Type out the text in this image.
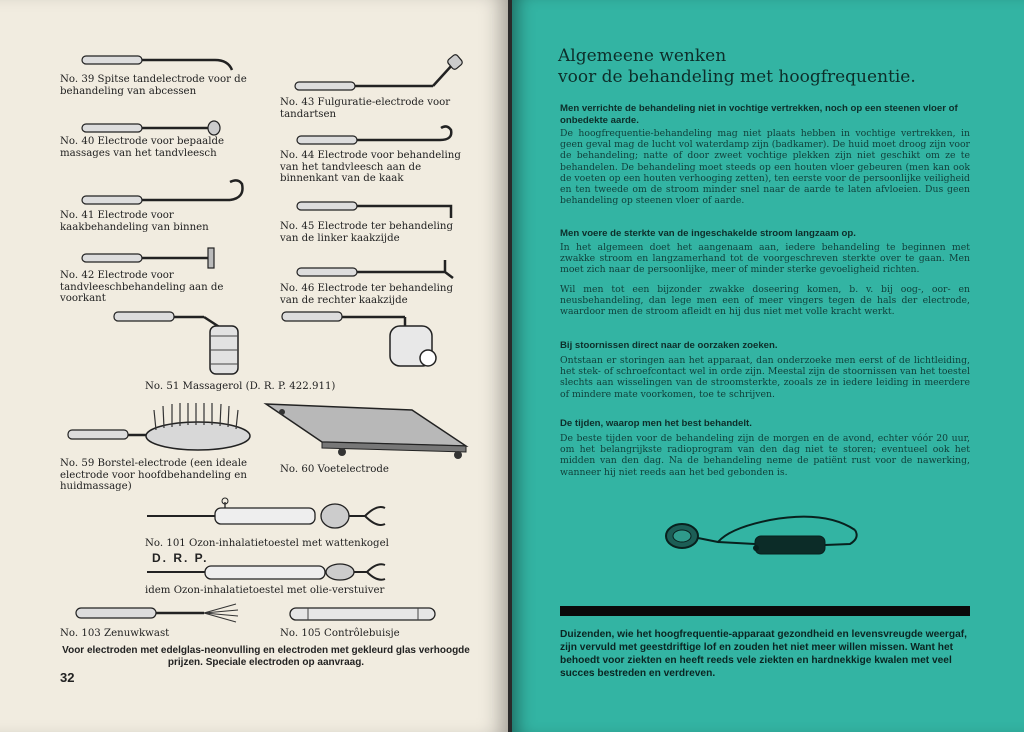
No. 39 Spitse tandelectrode voor de behandeling van abcessen
No. 40 Electrode voor bepaalde massages van het tandvleesch
No. 41 Electrode voor kaakbehandeling van binnen
No. 42 Electrode voor tandvleeschbehandeling aan de voorkant
No. 43 Fulguratie-electrode voor tandartsen
No. 44 Electrode voor behandeling van het tandvleesch aan de binnenkant van de kaak
No. 45 Electrode ter behandeling van de linker kaakzijde
No. 46 Electrode ter behandeling van de rechter kaakzijde
No. 51 Massagerol (D. R. P. 422.911)
No. 59 Borstel-electrode (een ideale electrode voor hoofdbehandeling en huidmassage)
No. 60 Voetelectrode
No. 101 Ozon-inhalatietoestel met wattenkogel
D. R. P.
idem Ozon-inhalatietoestel met olie-verstuiver
No. 103 Zenuwkwast	No. 105 Contrôlebuisje
Voor electroden met edelglas-neonvulling en electroden met gekleurd glas verhoogde prijzen. Speciale electroden op aanvraag.
32
Algemeene wenken
voor de behandeling met hoogfrequentie.
Men verrichte de behandeling niet in vochtige vertrekken, noch op een steenen vloer of onbedekte aarde.
De hoogfrequentie-behandeling mag niet plaats hebben in vochtige vertrekken, in geen geval mag de lucht vol waterdamp zijn (badkamer). De huid moet droog zijn voor de behandeling; natte of door zweet vochtige plekken zijn niet geschikt om ze te behandelen. De behandeling moet steeds op een houten vloer gebeuren (men kan ook de voeten op een houten verhooging zetten), ten eerste voor de persoonlijke veiligheid en ten tweede om de stroom minder snel naar de aarde te laten afvloeien. Dus geen behandeling op steenen vloer of aarde.
Men voere de sterkte van de ingeschakelde stroom langzaam op.
In het algemeen doet het aangenaam aan, iedere behandeling te beginnen met zwakke stroom en langzamerhand tot de voorgeschreven sterkte over te gaan. Men moet zich naar de persoonlijke, meer of minder sterke gevoeligheid richten.
Wil men tot een bijzonder zwakke doseering komen, b. v. bij oog-, oor- en neusbehandeling, dan lege men een of meer vingers tegen de hals der electrode, waardoor men de stroom afleidt en hij dus niet met volle kracht werkt.
Bij stoornissen direct naar de oorzaken zoeken.
Ontstaan er storingen aan het apparaat, dan onderzoeke men eerst of de lichtleiding, het stek- of schroefcontact wel in orde zijn. Meestal zijn de stoornissen van het toestel slechts aan wisselingen van de stroomsterkte, zooals ze in iedere leiding in meerdere of mindere mate voorkomen, toe te schrijven.
De tijden, waarop men het best behandelt.
De beste tijden voor de behandeling zijn de morgen en de avond, echter vóór 20 uur, om het belangrijkste radioprogram van den dag niet te storen; eventueel ook het midden van den dag. Na de behandeling neme de patiënt rust voor de nawerking, wanneer hij niet reeds aan het bed gebonden is.
Duizenden, wie het hoogfrequentie-apparaat gezondheid en levensvreugde weergaf, zijn vervuld met geestdriftige lof en zouden het niet meer willen missen. Want het behoedt voor ziekten en heeft reeds vele ziekten en hardnekkige kwalen met veel succes bestreden en verdreven.
